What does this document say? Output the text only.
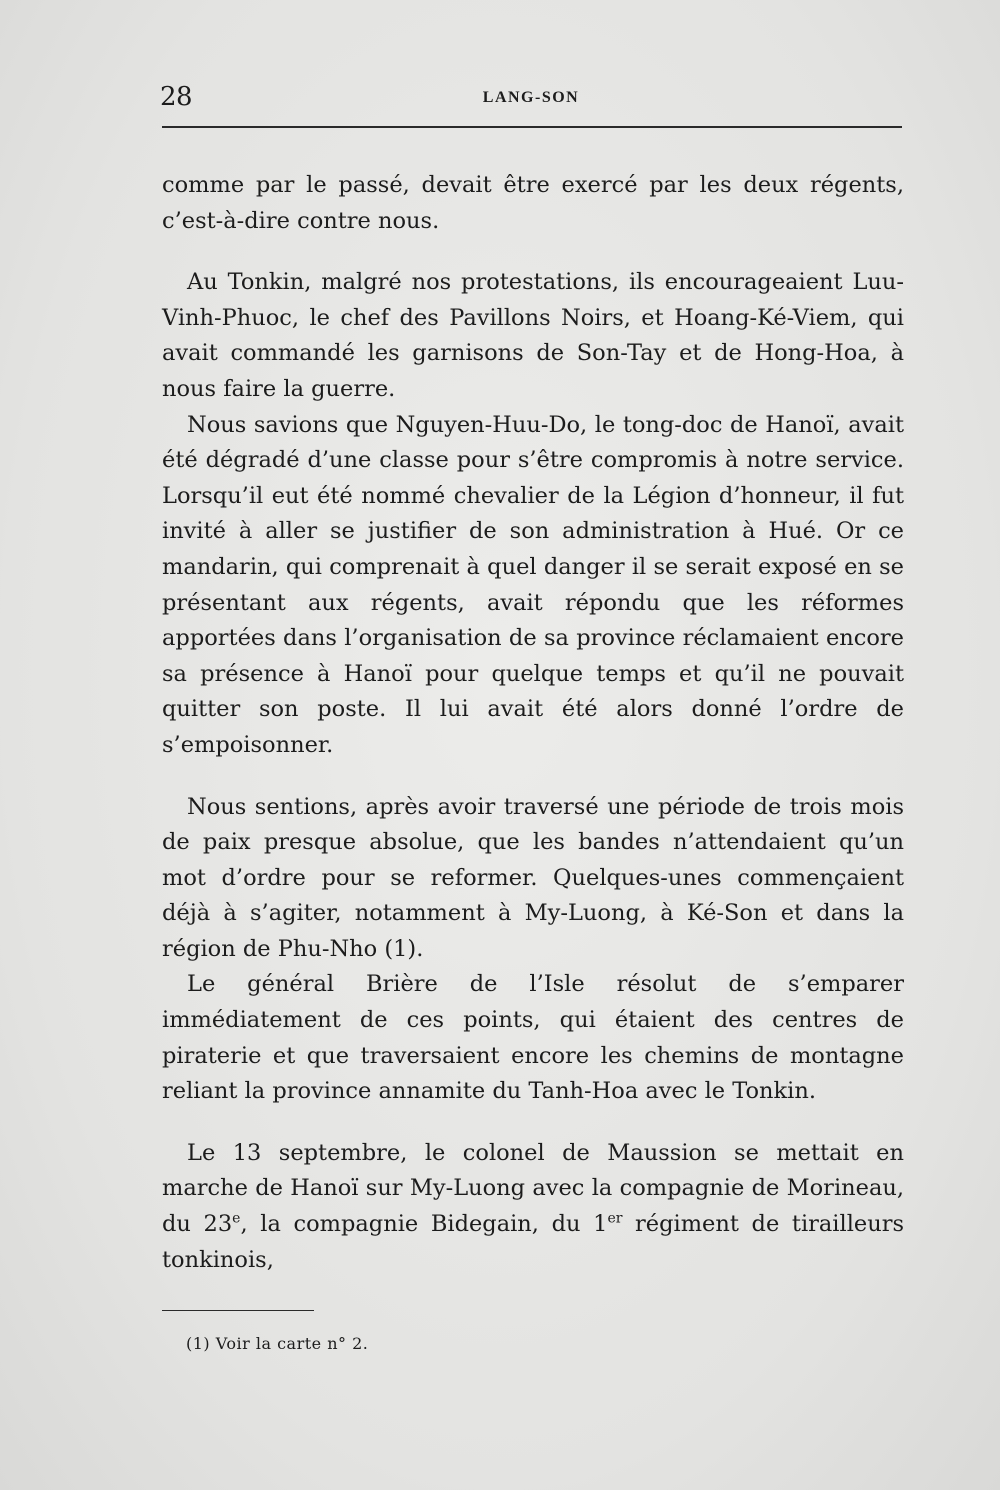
28	LANG-SON

comme par le passé, devait être exercé par les deux régents, c’est-à-dire contre nous.

Au Tonkin, malgré nos protestations, ils encourageaient Luu-Vinh-Phuoc, le chef des Pavillons Noirs, et Hoang-Ké-Viem, qui avait commandé les garnisons de Son-Tay et de Hong-Hoa, à nous faire la guerre.

Nous savions que Nguyen-Huu-Do, le tong-doc de Hanoï, avait été dégradé d’une classe pour s’être compromis à notre service. Lorsqu’il eut été nommé chevalier de la Légion d’honneur, il fut invité à aller se justifier de son administration à Hué. Or ce mandarin, qui comprenait à quel danger il se serait exposé en se présentant aux régents, avait répondu que les réformes apportées dans l’organisation de sa province réclamaient encore sa présence à Hanoï pour quelque temps et qu’il ne pouvait quitter son poste. Il lui avait été alors donné l’ordre de s’empoisonner.

Nous sentions, après avoir traversé une période de trois mois de paix presque absolue, que les bandes n’attendaient qu’un mot d’ordre pour se reformer. Quelques-unes commençaient déjà à s’agiter, notamment à My-Luong, à Ké-Son et dans la région de Phu-Nho (1).

Le général Brière de l’Isle résolut de s’emparer immédiatement de ces points, qui étaient des centres de piraterie et que traversaient encore les chemins de montagne reliant la province annamite du Tanh-Hoa avec le Tonkin.

Le 13 septembre, le colonel de Maussion se mettait en marche de Hanoï sur My-Luong avec la compagnie de Morineau, du 23e, la compagnie Bidegain, du 1er régiment de tirailleurs tonkinois,

(1) Voir la carte n° 2.
